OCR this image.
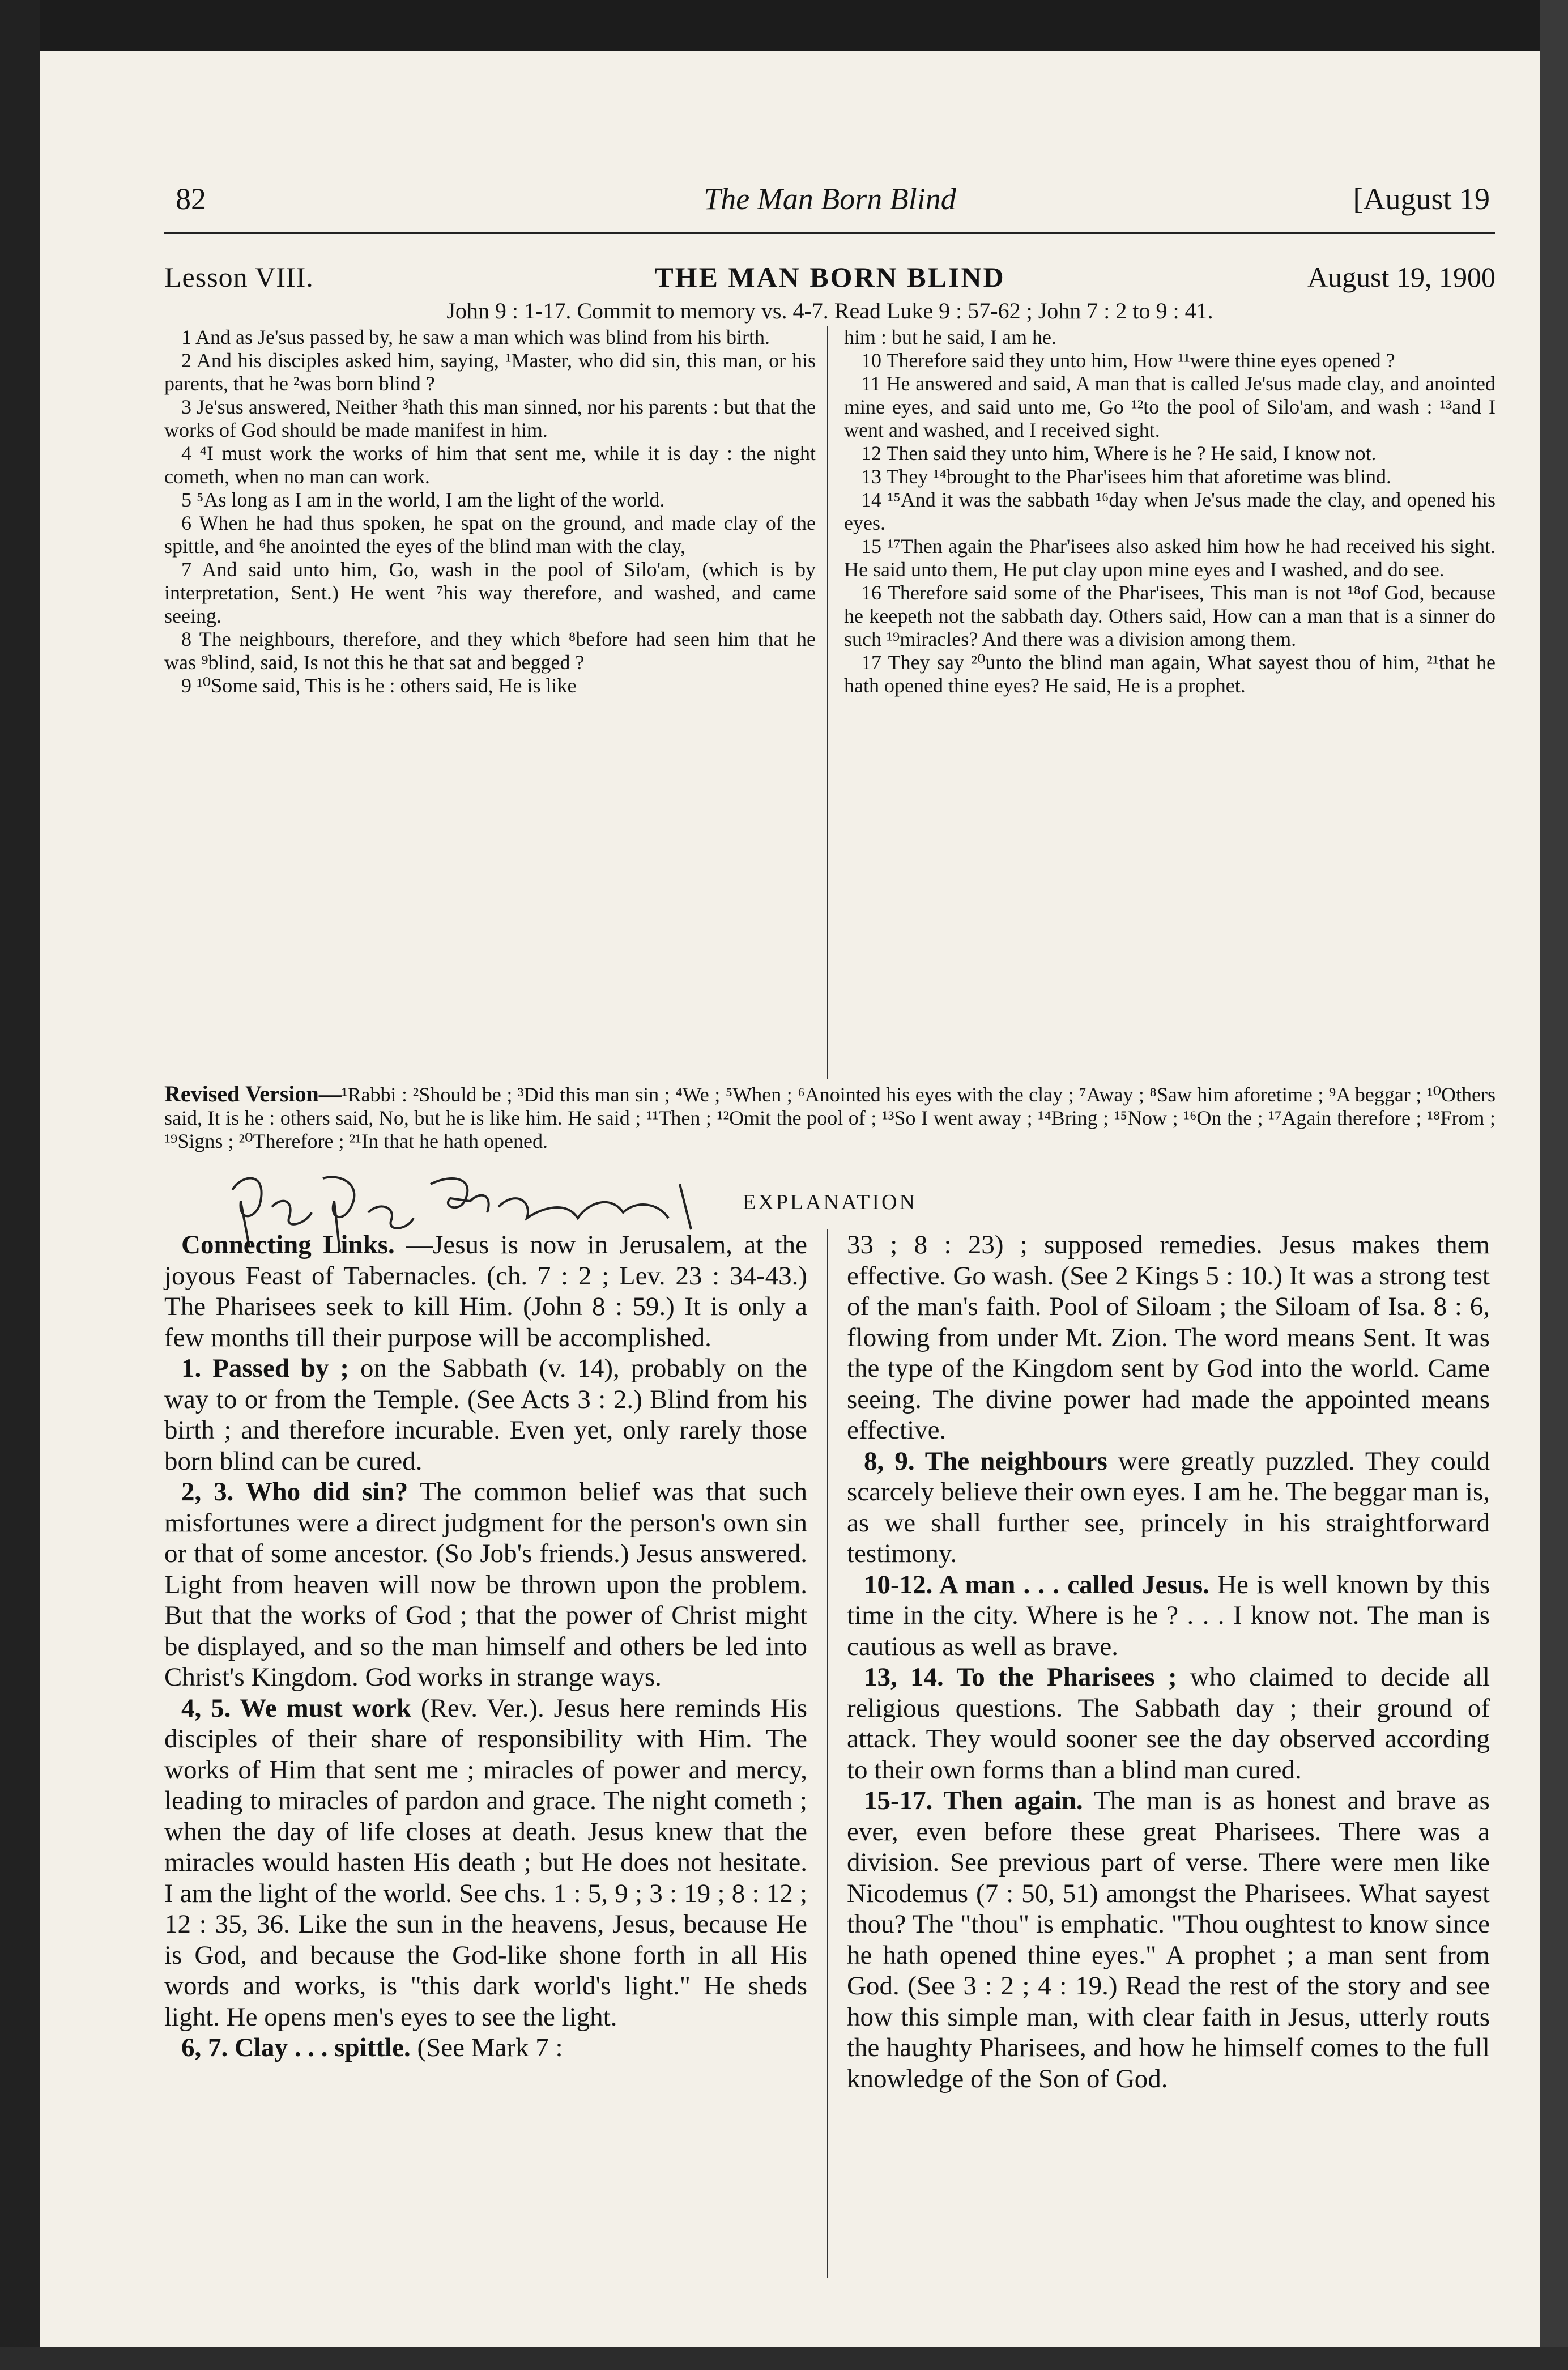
82	The Man Born Blind	[August 19
Lesson VIII.	THE MAN BORN BLIND	August 19, 1900
John 9 : 1-17. Commit to memory vs. 4-7. Read Luke 9 : 57-62 ; John 7 : 2 to 9 : 41.

1 And as Je'sus passed by, he saw a man which was blind from his birth.

2 And his disciples asked him, saying, ¹Master, who did sin, this man, or his parents, that he ²was born blind ?

3 Je'sus answered, Neither ³hath this man sinned, nor his parents : but that the works of God should be made manifest in him.

4 ⁴I must work the works of him that sent me, while it is day : the night cometh, when no man can work.

5 ⁵As long as I am in the world, I am the light of the world.

6 When he had thus spoken, he spat on the ground, and made clay of the spittle, and ⁶he anointed the eyes of the blind man with the clay,

7 And said unto him, Go, wash in the pool of Silo'am, (which is by interpretation, Sent.) He went ⁷his way therefore, and washed, and came seeing.

8 The neighbours, therefore, and they which ⁸before had seen him that he was ⁹blind, said, Is not this he that sat and begged ?

9 ¹⁰Some said, This is he : others said, He is like

him : but he said, I am he.

10 Therefore said they unto him, How ¹¹were thine eyes opened ?

11 He answered and said, A man that is called Je'sus made clay, and anointed mine eyes, and said unto me, Go ¹²to the pool of Silo'am, and wash : ¹³and I went and washed, and I received sight.

12 Then said they unto him, Where is he ? He said, I know not.

13 They ¹⁴brought to the Phar'isees him that aforetime was blind.

14 ¹⁵And it was the sabbath ¹⁶day when Je'sus made the clay, and opened his eyes.

15 ¹⁷Then again the Phar'isees also asked him how he had received his sight. He said unto them, He put clay upon mine eyes and I washed, and do see.

16 Therefore said some of the Phar'isees, This man is not ¹⁸of God, because he keepeth not the sabbath day. Others said, How can a man that is a sinner do such ¹⁹miracles? And there was a division among them.

17 They say ²⁰unto the blind man again, What sayest thou of him, ²¹that he hath opened thine eyes? He said, He is a prophet.

Revised Version—¹Rabbi : ²Should be ; ³Did this man sin ; ⁴We ; ⁵When ; ⁶Anointed his eyes with the clay ; ⁷Away ; ⁸Saw him aforetime ; ⁹A beggar ; ¹⁰Others said, It is he : others said, No, but he is like him. He said ; ¹¹Then ; ¹²Omit the pool of ; ¹³So I went away ; ¹⁴Bring ; ¹⁵Now ; ¹⁶On the ; ¹⁷Again therefore ; ¹⁸From ; ¹⁹Signs ; ²⁰Therefore ; ²¹In that he hath opened.
EXPLANATION

Connecting Links. —Jesus is now in Jerusalem, at the joyous Feast of Tabernacles. (ch. 7 : 2 ; Lev. 23 : 34-43.) The Pharisees seek to kill Him. (John 8 : 59.) It is only a few months till their purpose will be accomplished.

1. Passed by ; on the Sabbath (v. 14), probably on the way to or from the Temple. (See Acts 3 : 2.) Blind from his birth ; and therefore incurable. Even yet, only rarely those born blind can be cured.

2, 3. Who did sin? The common belief was that such misfortunes were a direct judgment for the person's own sin or that of some ancestor. (So Job's friends.) Jesus answered. Light from heaven will now be thrown upon the problem. But that the works of God ; that the power of Christ might be displayed, and so the man himself and others be led into Christ's Kingdom. God works in strange ways.

4, 5. We must work (Rev. Ver.). Jesus here reminds His disciples of their share of responsibility with Him. The works of Him that sent me ; miracles of power and mercy, leading to miracles of pardon and grace. The night cometh ; when the day of life closes at death. Jesus knew that the miracles would hasten His death ; but He does not hesitate. I am the light of the world. See chs. 1 : 5, 9 ; 3 : 19 ; 8 : 12 ; 12 : 35, 36. Like the sun in the heavens, Jesus, because He is God, and because the God-like shone forth in all His words and works, is "this dark world's light." He sheds light. He opens men's eyes to see the light.

6, 7. Clay . . . spittle. (See Mark 7 :

33 ; 8 : 23) ; supposed remedies. Jesus makes them effective. Go wash. (See 2 Kings 5 : 10.) It was a strong test of the man's faith. Pool of Siloam ; the Siloam of Isa. 8 : 6, flowing from under Mt. Zion. The word means Sent. It was the type of the Kingdom sent by God into the world. Came seeing. The divine power had made the appointed means effective.

8, 9. The neighbours were greatly puzzled. They could scarcely believe their own eyes. I am he. The beggar man is, as we shall further see, princely in his straightforward testimony.

10-12. A man . . . called Jesus. He is well known by this time in the city. Where is he ? . . . I know not. The man is cautious as well as brave.

13, 14. To the Pharisees ; who claimed to decide all religious questions. The Sabbath day ; their ground of attack. They would sooner see the day observed according to their own forms than a blind man cured.

15-17. Then again. The man is as honest and brave as ever, even before these great Pharisees. There was a division. See previous part of verse. There were men like Nicodemus (7 : 50, 51) amongst the Pharisees. What sayest thou? The "thou" is emphatic. "Thou oughtest to know since he hath opened thine eyes." A prophet ; a man sent from God. (See 3 : 2 ; 4 : 19.) Read the rest of the story and see how this simple man, with clear faith in Jesus, utterly routs the haughty Pharisees, and how he himself comes to the full knowledge of the Son of God.
